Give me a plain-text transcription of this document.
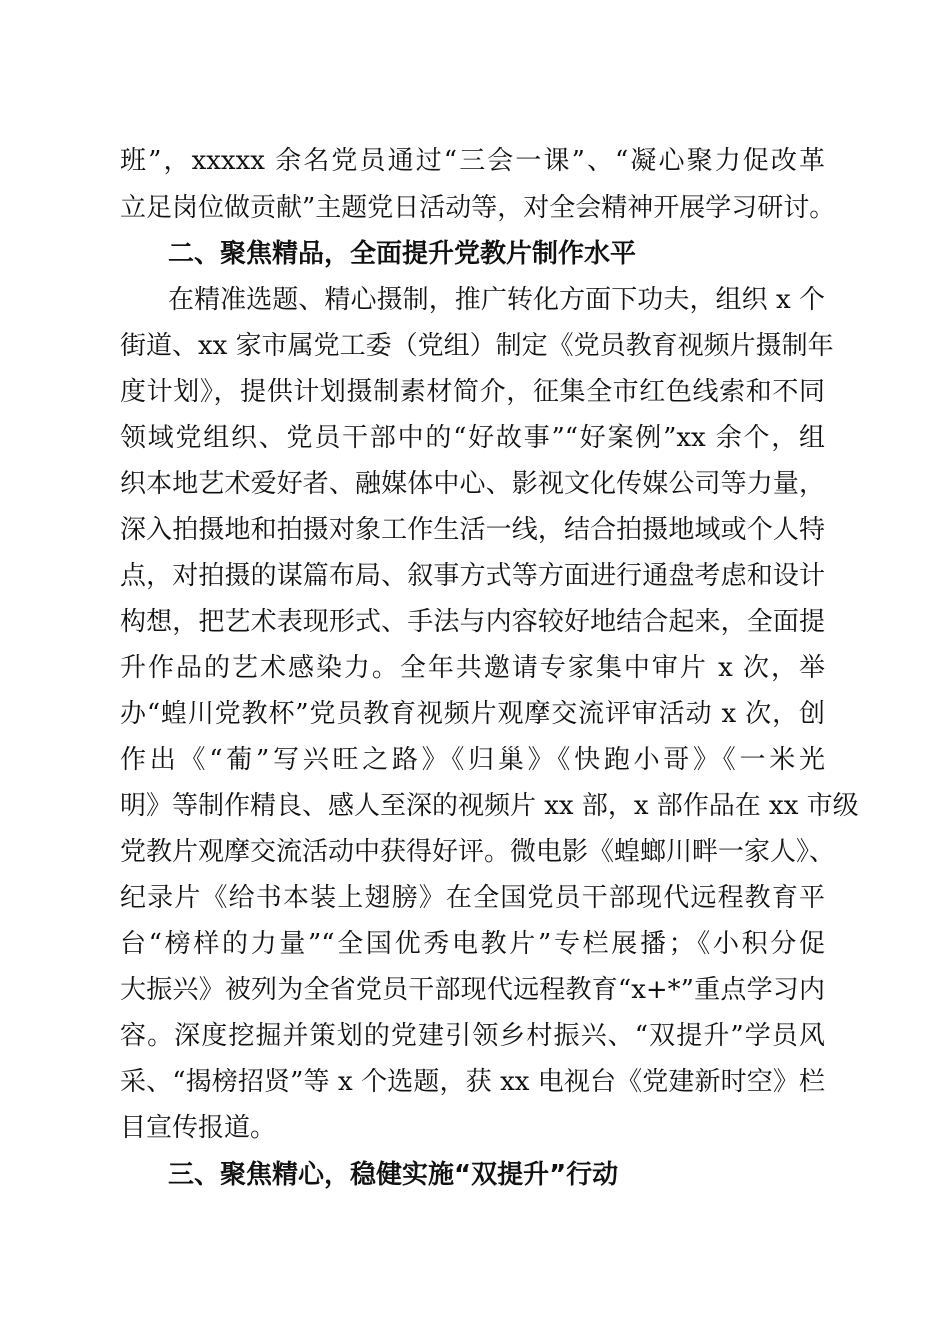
班”，xxxxx 余名党员通过“三会一课”、“凝心聚力促改革
立足岗位做贡献”主题党日活动等，对全会精神开展学习研讨。
二、聚焦精品，全面提升党教片制作水平
在精准选题、精心摄制，推广转化方面下功夫，组织 x 个
街道、xx 家市属党工委（党组）制定《党员教育视频片摄制年
度计划》，提供计划摄制素材简介，征集全市红色线索和不同
领域党组织、党员干部中的“好故事”“好案例”xx 余个，组
织本地艺术爱好者、融媒体中心、影视文化传媒公司等力量，
深入拍摄地和拍摄对象工作生活一线，结合拍摄地域或个人特
点，对拍摄的谋篇布局、叙事方式等方面进行通盘考虑和设计
构想，把艺术表现形式、手法与内容较好地结合起来，全面提
升作品的艺术感染力。全年共邀请专家集中审片 x 次，举
办“蝗川党教杯”党员教育视频片观摩交流评审活动 x 次，创
作出《“葡”写兴旺之路》《归巢》《快跑小哥》《一米光
明》等制作精良、感人至深的视频片 xx 部，x 部作品在 xx 市级
党教片观摩交流活动中获得好评。微电影《蝗螂川畔一家人》、
纪录片《给书本装上翅膀》在全国党员干部现代远程教育平
台“榜样的力量”“全国优秀电教片”专栏展播；《小积分促
大振兴》被列为全省党员干部现代远程教育“x+*”重点学习内
容。深度挖掘并策划的党建引领乡村振兴、“双提升”学员风
采、“揭榜招贤”等 x 个选题，获 xx 电视台《党建新时空》栏
目宣传报道。
三、聚焦精心，稳健实施“双提升”行动
